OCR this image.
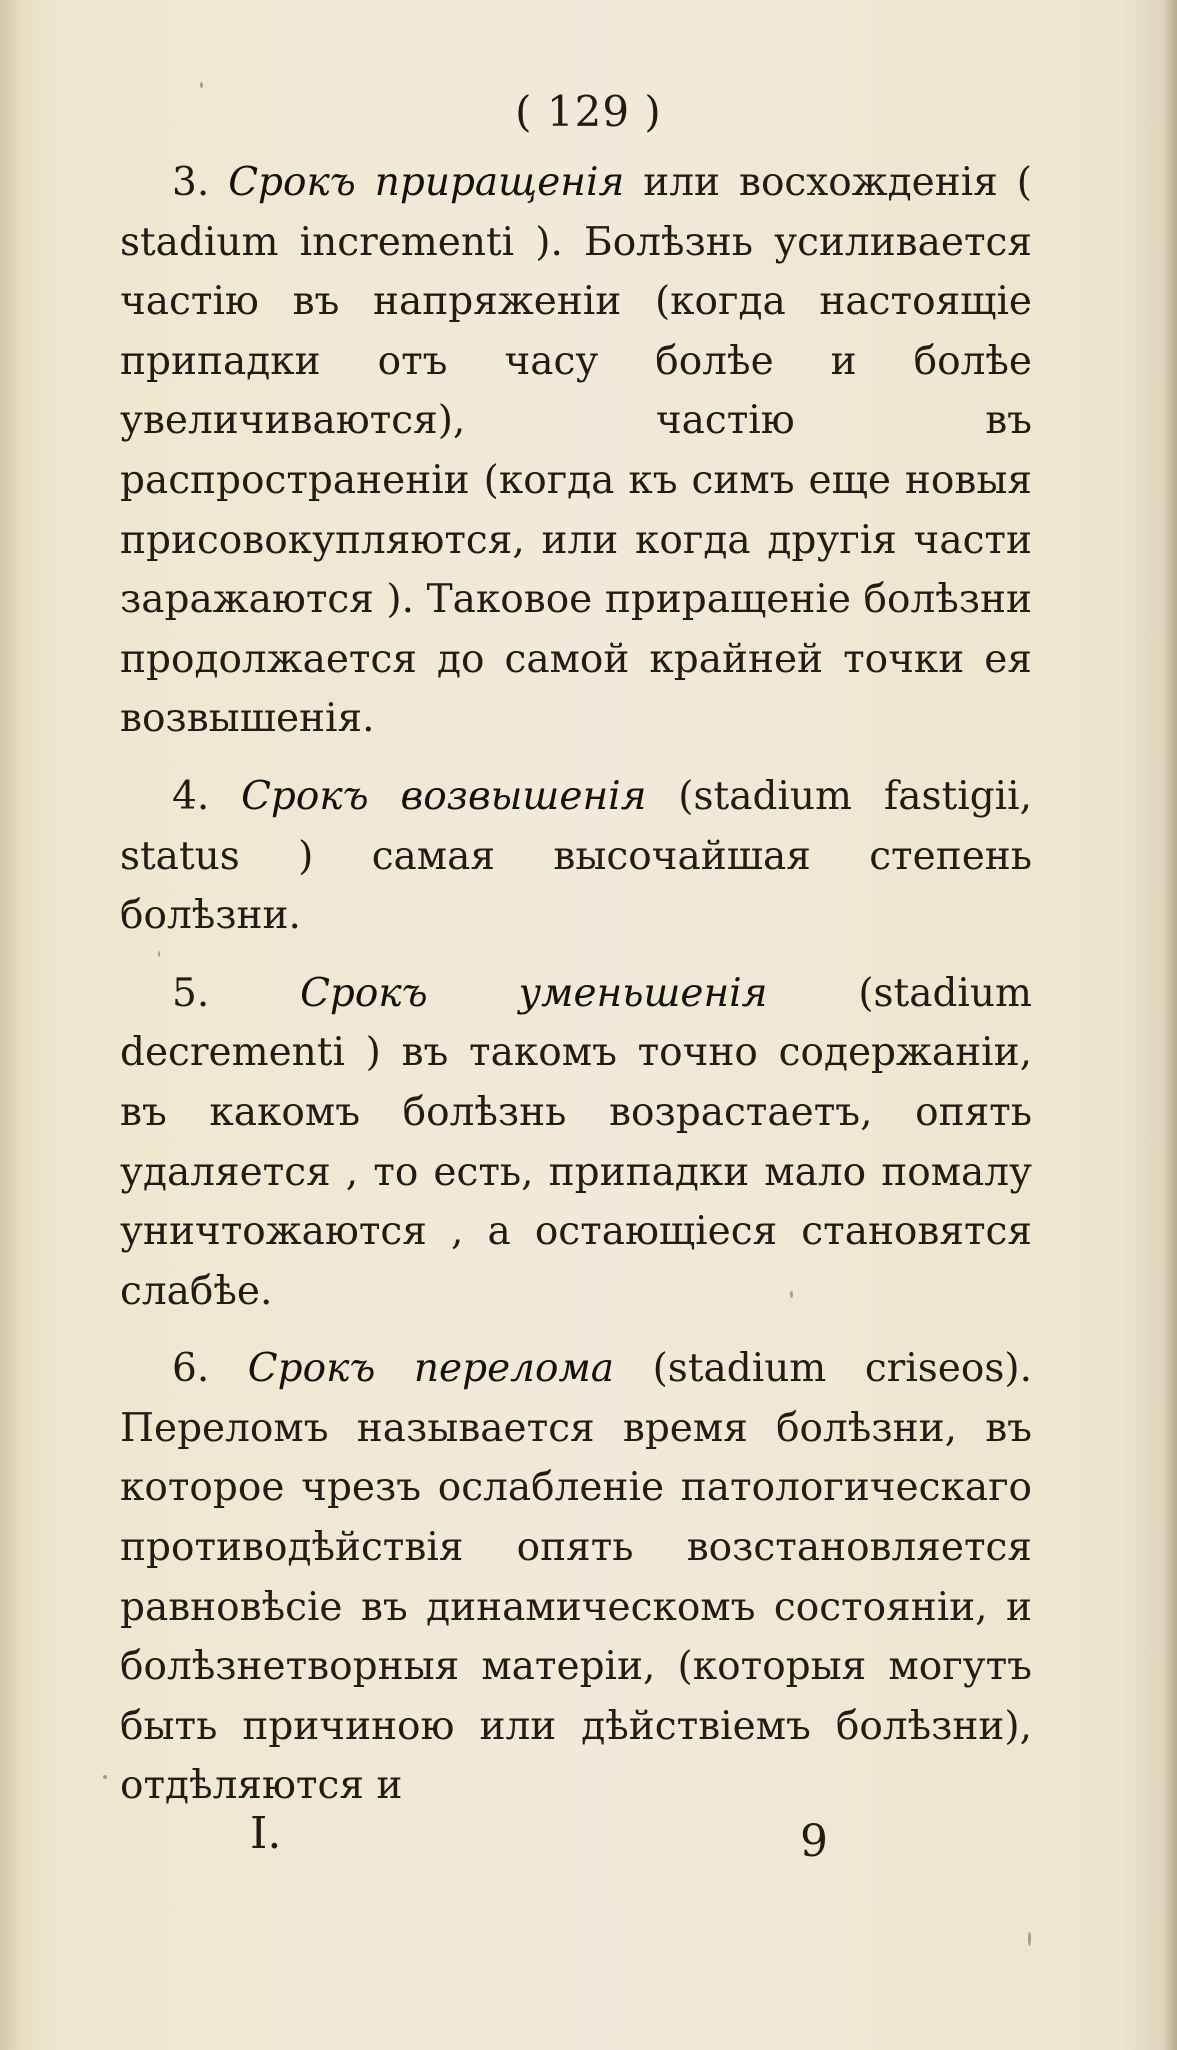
( 129 )

3. Срокъ приращенія или восхожденія ( stadium incrementi ). Болѣзнь усиливается частію въ напряженіи (когда настоящіе припадки отъ часу болѣе и болѣе увеличиваются), частію въ распространеніи (когда къ симъ еще новыя присовокупляются, или когда другія части заражаются ). Таковое приращеніе болѣзни продолжается до самой крайней точки ея возвышенія.

4. Срокъ возвышенія (stadium fastigii, status ) самая высочайшая степень болѣзни.

5. Срокъ уменьшенія (stadium decrementi ) въ такомъ точно содержаніи, въ какомъ болѣзнь возрастаетъ, опять удаляется , то есть, припадки мало помалу уничтожаются , а остающіеся становятся слабѣе.

6. Срокъ перелома (stadium criseos). Переломъ называется время болѣзни, въ которое чрезъ ослабленіе патологическаго противодѣйствія опять возстановляется равновѣсіе въ динамическомъ состояніи, и болѣзнетворныя матеріи, (которыя могутъ быть причиною или дѣйствіемъ болѣзни), отдѣляются и

I.	9
